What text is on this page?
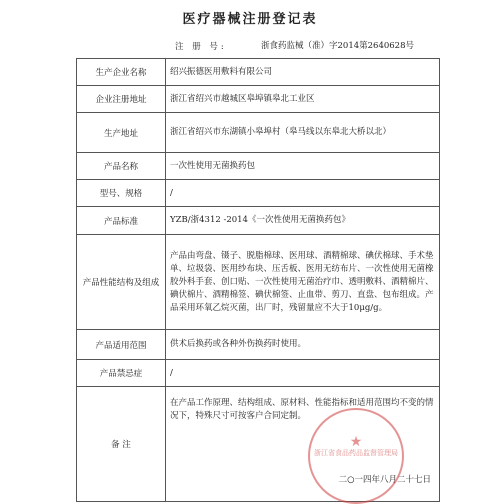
医疗器械注册登记表
注 册 号:	浙食药监械（准）字2014第2640628号
生产企业名称	绍兴振德医用敷料有限公司
企业注册地址	浙江省绍兴市越城区皋埠镇皋北工业区
生产地址	浙江省绍兴市东湖镇小皋埠村（皋马线以东皋北大桥以北）
产品名称	一次性使用无菌换药包
型号、规格	/
产品标准	YZB/浙4312 -2014《一次性使用无菌换药包》
产品性能结构及组成	产品由弯盘、镊子、脱脂棉球、医用球、酒精棉球、碘伏棉球、手术垫单、垃圾袋、医用纱布块、压舌板、医用无纺布片、一次性使用无菌橡胶外科手套、创口贴、一次性使用无菌治疗巾、透明敷料、酒精棉片、碘伏棉片、酒精棉签、碘伏棉签、止血带、剪刀、直盘、包布组成。产品采用环氧乙烷灭菌，出厂时，残留量应不大于10μg/g。
产品适用范围	供术后换药或各种外伤换药时使用。
产品禁忌症	/
备 注	在产品工作原理、结构组成、原材料、性能指标和适用范围均不变的情况下，特殊尺寸可按客户合同定制。
二○一四年八月二十七日
★
浙江省食品药品监督管理局
